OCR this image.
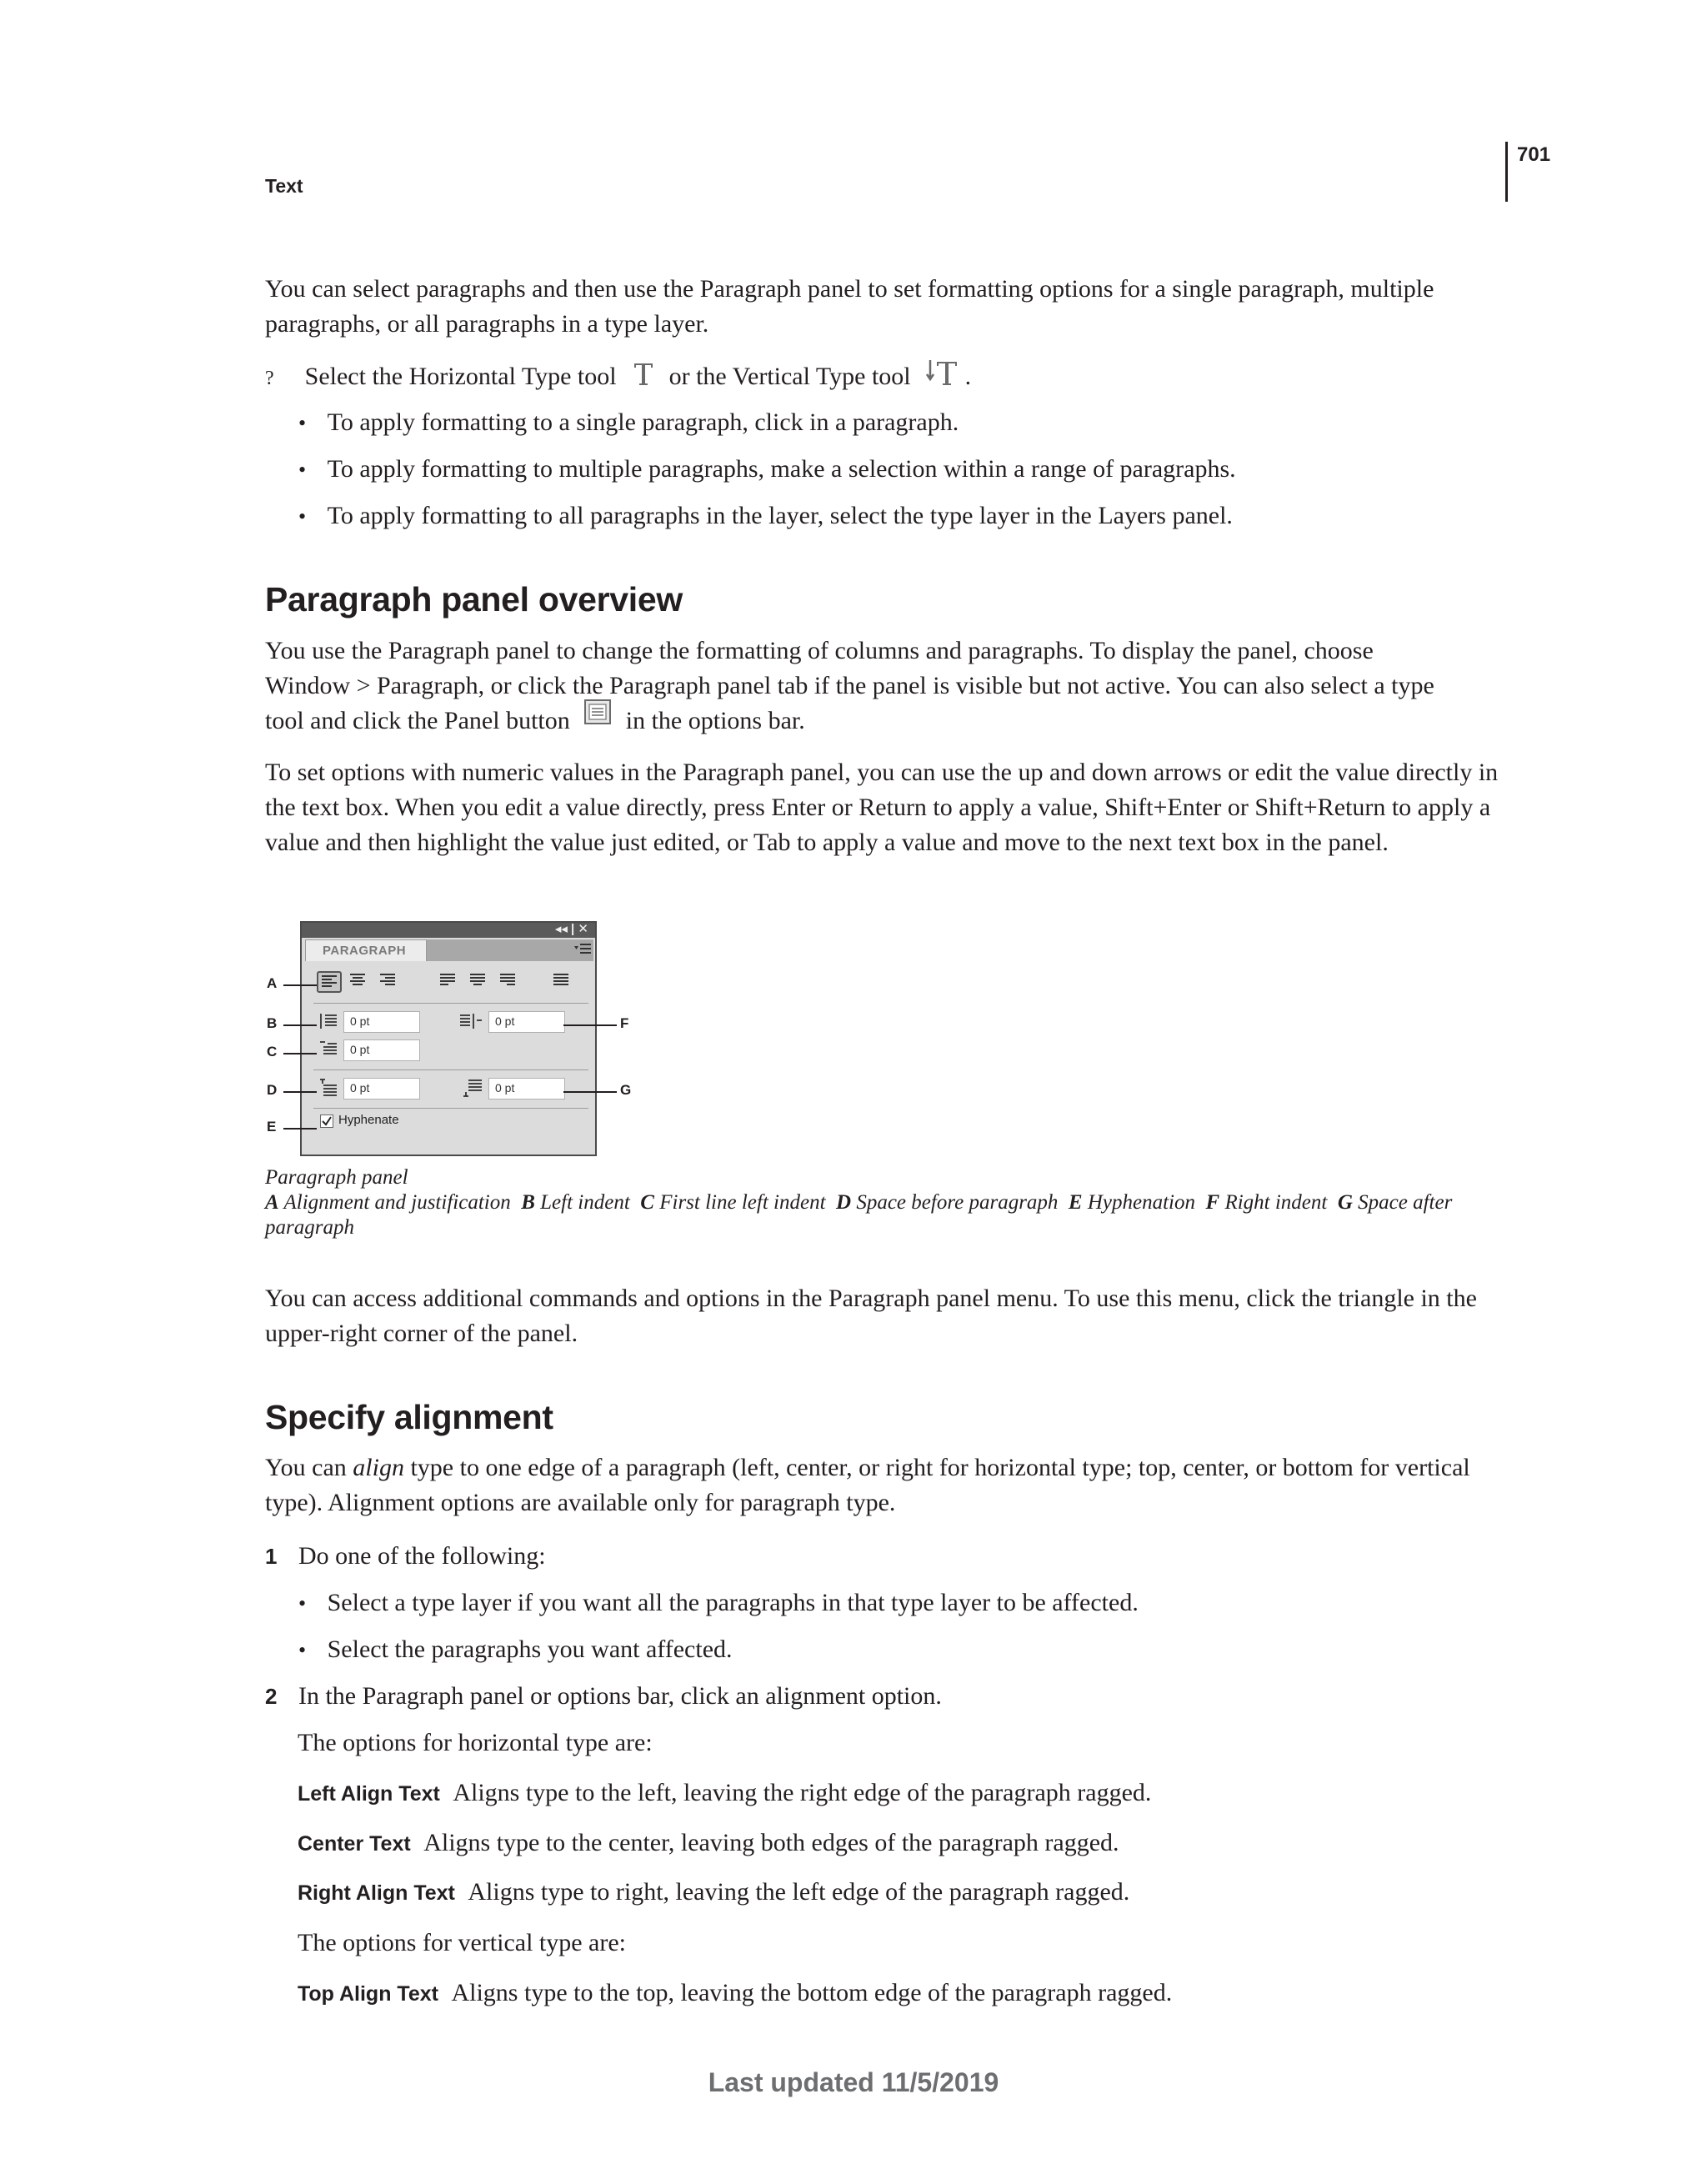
701
Text
You can select paragraphs and then use the Paragraph panel to set formatting options for a single paragraph, multiple paragraphs, or all paragraphs in a type layer.
? Select the Horizontal Type tool or the Vertical Type tool .
• To apply formatting to a single paragraph, click in a paragraph.
• To apply formatting to multiple paragraphs, make a selection within a range of paragraphs.
• To apply formatting to all paragraphs in the layer, select the type layer in the Layers panel.
Paragraph panel overview
You use the Paragraph panel to change the formatting of columns and paragraphs. To display the panel, choose
Window > Paragraph, or click the Paragraph panel tab if the panel is visible but not active. You can also select a type
tool and click the Panel button in the options bar.
To set options with numeric values in the Paragraph panel, you can use the up and down arrows or edit the value directly in the text box. When you edit a value directly, press Enter or Return to apply a value, Shift+Enter or Shift+Return to apply a value and then highlight the value just edited, or Tab to apply a value and move to the next text box in the panel.
◂◂ | ✕
PARAGRAPH
0 pt	0 pt
0 pt
0 pt	0 pt
Hyphenate
A
B
C
D
E
F
G
Paragraph panel
A Alignment and justification B Left indent C First line left indent D Space before paragraph E Hyphenation F Right indent G Space after
paragraph
You can access additional commands and options in the Paragraph panel menu. To use this menu, click the triangle in the upper-right corner of the panel.
Specify alignment
You can align type to one edge of a paragraph (left, center, or right for horizontal type; top, center, or bottom for vertical
type). Alignment options are available only for paragraph type.
1 Do one of the following:
• Select a type layer if you want all the paragraphs in that type layer to be affected.
• Select the paragraphs you want affected.
2 In the Paragraph panel or options bar, click an alignment option.
The options for horizontal type are:
Left Align Text Aligns type to the left, leaving the right edge of the paragraph ragged.
Center Text Aligns type to the center, leaving both edges of the paragraph ragged.
Right Align Text Aligns type to right, leaving the left edge of the paragraph ragged.
The options for vertical type are:
Top Align Text Aligns type to the top, leaving the bottom edge of the paragraph ragged.
Last updated 11/5/2019
